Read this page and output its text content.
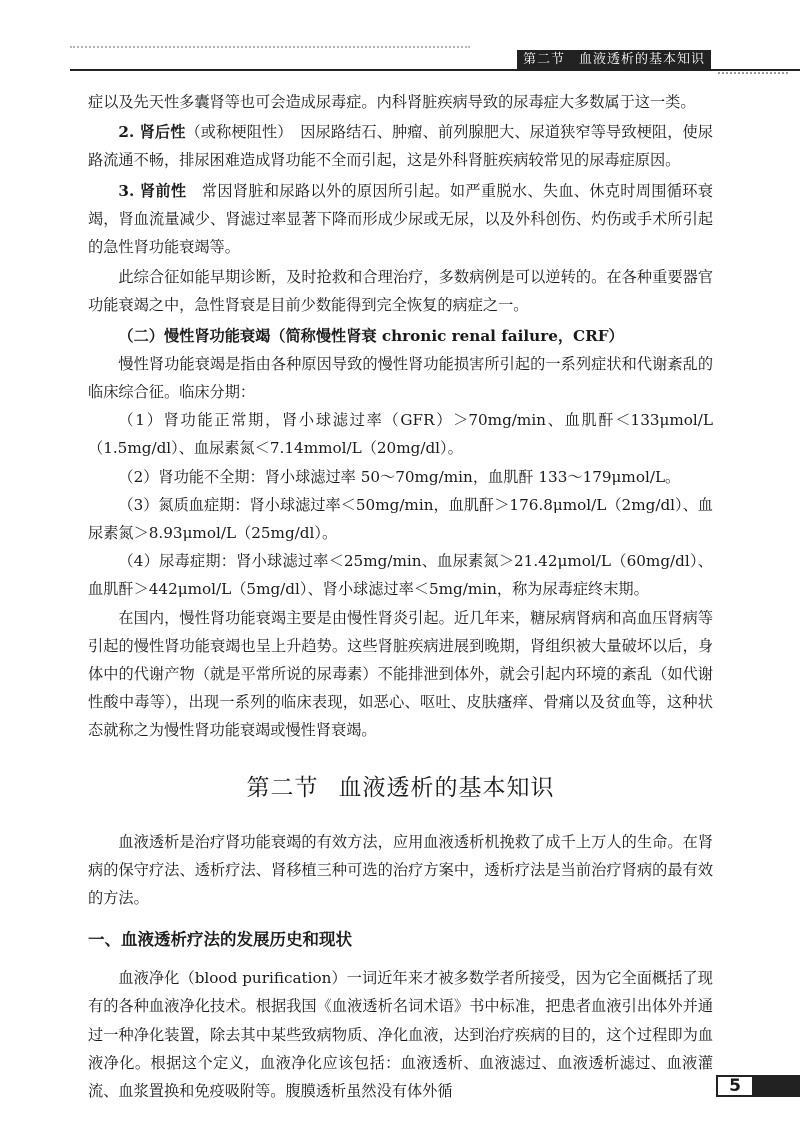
第二节　血液透析的基本知识

症以及先天性多囊肾等也可会造成尿毒症。内科肾脏疾病导致的尿毒症大多数属于这一类。

2. 肾后性（或称梗阻性）　因尿路结石、肿瘤、前列腺肥大、尿道狭窄等导致梗阻，使尿路流通不畅，排尿困难造成肾功能不全而引起，这是外科肾脏疾病较常见的尿毒症原因。

3. 肾前性　常因肾脏和尿路以外的原因所引起。如严重脱水、失血、休克时周围循环衰竭，肾血流量减少、肾滤过率显著下降而形成少尿或无尿，以及外科创伤、灼伤或手术所引起的急性肾功能衰竭等。

此综合征如能早期诊断，及时抢救和合理治疗，多数病例是可以逆转的。在各种重要器官功能衰竭之中，急性肾衰是目前少数能得到完全恢复的病症之一。

（二）慢性肾功能衰竭（简称慢性肾衰 chronic renal failure，CRF）

慢性肾功能衰竭是指由各种原因导致的慢性肾功能损害所引起的一系列症状和代谢紊乱的临床综合征。临床分期：

（1）肾功能正常期，肾小球滤过率（GFR）＞70mg/min、血肌酐＜133μmol/L（1.5mg/dl）、血尿素氮＜7.14mmol/L（20mg/dl）。

（2）肾功能不全期：肾小球滤过率 50～70mg/min，血肌酐 133～179μmol/L。

（3）氮质血症期：肾小球滤过率＜50mg/min，血肌酐＞176.8μmol/L（2mg/dl）、血尿素氮＞8.93μmol/L（25mg/dl）。

（4）尿毒症期：肾小球滤过率＜25mg/min、血尿素氮＞21.42μmol/L（60mg/dl）、血肌酐＞442μmol/L（5mg/dl）、肾小球滤过率＜5mg/min，称为尿毒症终末期。

在国内，慢性肾功能衰竭主要是由慢性肾炎引起。近几年来，糖尿病肾病和高血压肾病等引起的慢性肾功能衰竭也呈上升趋势。这些肾脏疾病进展到晚期，肾组织被大量破坏以后，身体中的代谢产物（就是平常所说的尿毒素）不能排泄到体外，就会引起内环境的紊乱（如代谢性酸中毒等），出现一系列的临床表现，如恶心、呕吐、皮肤瘙痒、骨痛以及贫血等，这种状态就称之为慢性肾功能衰竭或慢性肾衰竭。

第二节 血液透析的基本知识

血液透析是治疗肾功能衰竭的有效方法，应用血液透析机挽救了成千上万人的生命。在肾病的保守疗法、透析疗法、肾移植三种可选的治疗方案中，透析疗法是当前治疗肾病的最有效的方法。

一、血液透析疗法的发展历史和现状

血液净化（blood purification）一词近年来才被多数学者所接受，因为它全面概括了现有的各种血液净化技术。根据我国《血液透析名词术语》书中标准，把患者血液引出体外并通过一种净化装置，除去其中某些致病物质、净化血液，达到治疗疾病的目的，这个过程即为血液净化。根据这个定义，血液净化应该包括：血液透析、血液滤过、血液透析滤过、血液灌流、血浆置换和免疫吸附等。腹膜透析虽然没有体外循	5
